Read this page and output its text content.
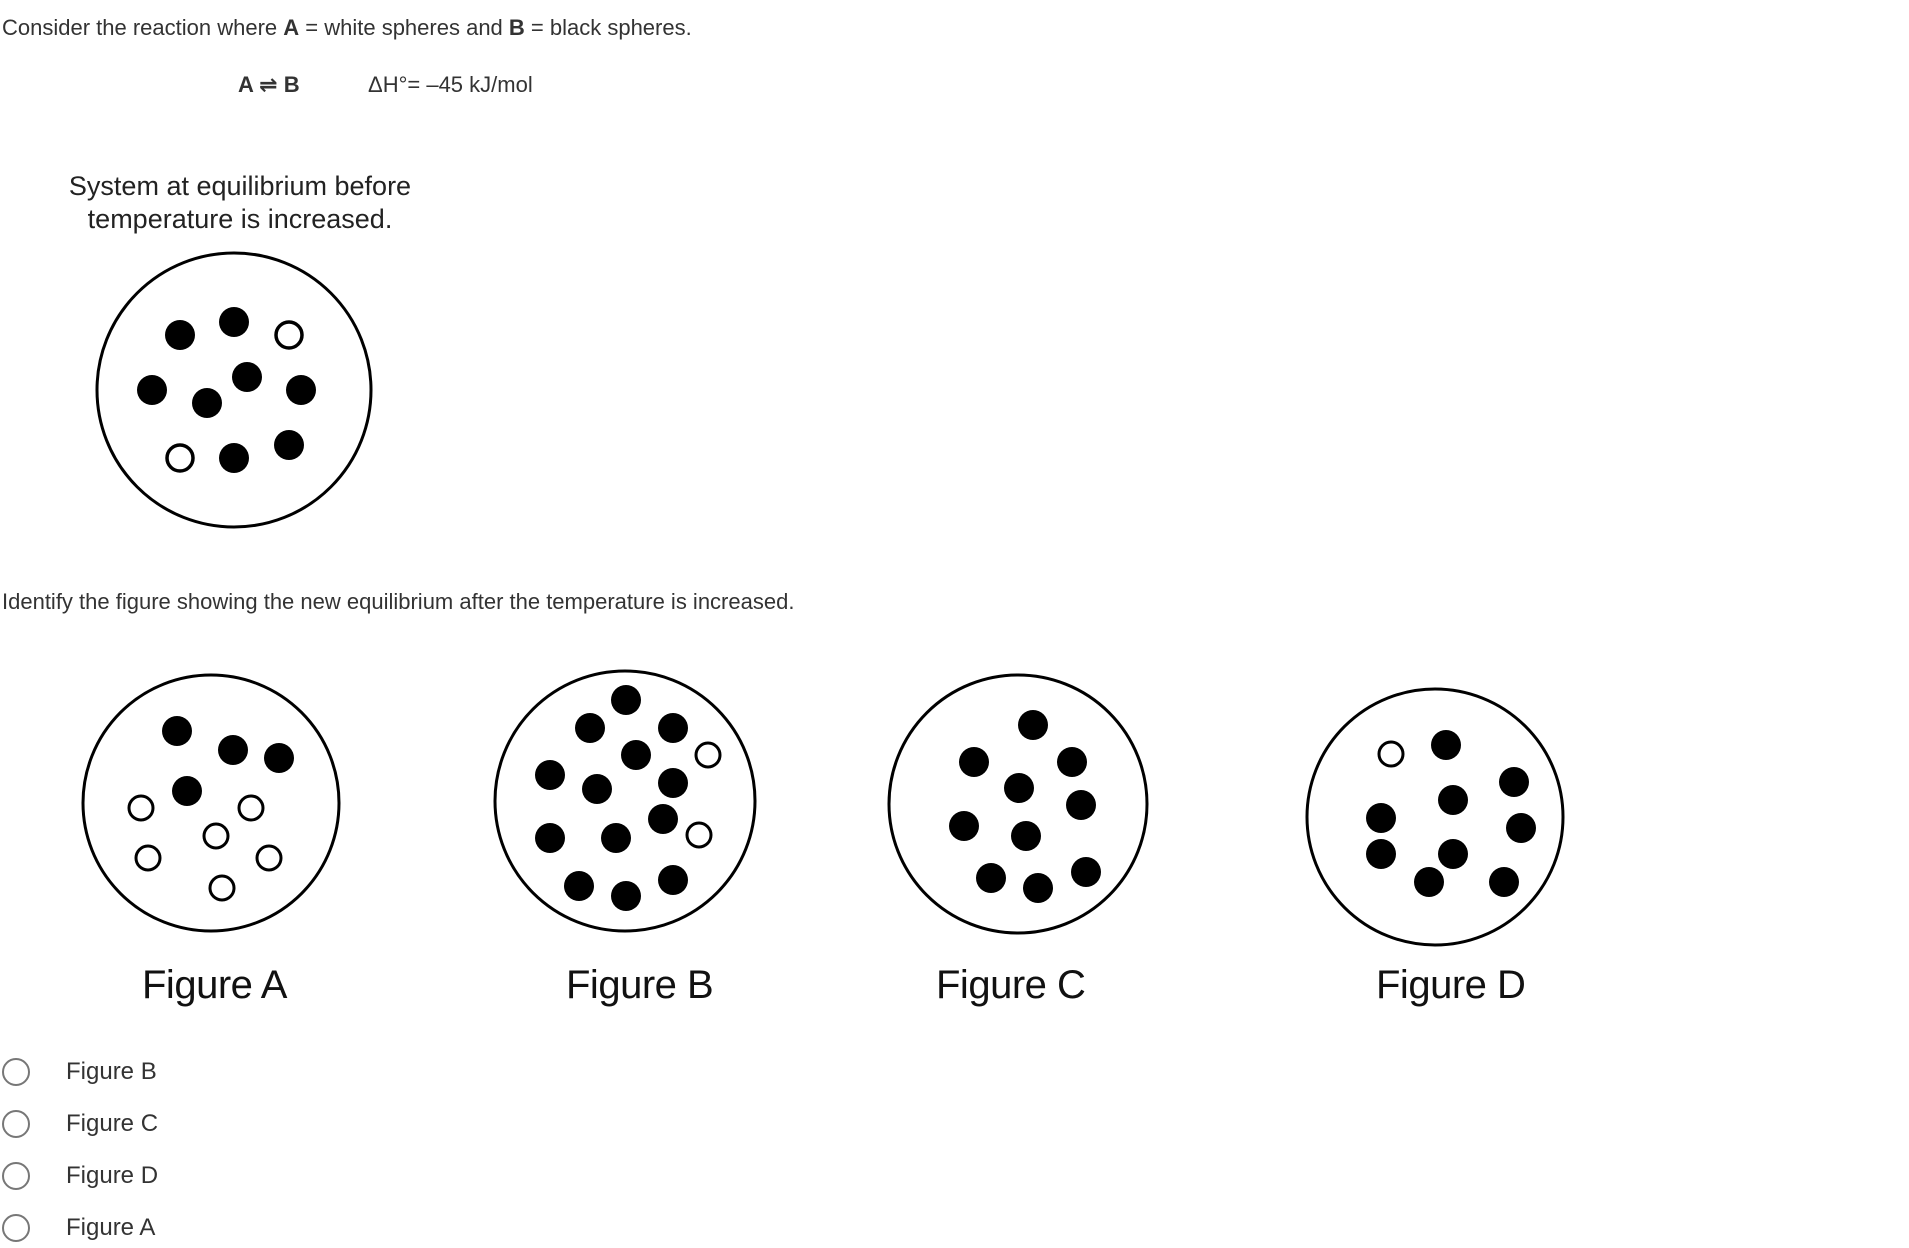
Consider the reaction where A = white spheres and B = black spheres.
A ⇌ B	ΔH°= –45 kJ/mol
System at equilibrium before
temperature is increased.
Identify the figure showing the new equilibrium after the temperature is increased.
Figure A	Figure B	Figure C	Figure D
Figure B
Figure C
Figure D
Figure A
